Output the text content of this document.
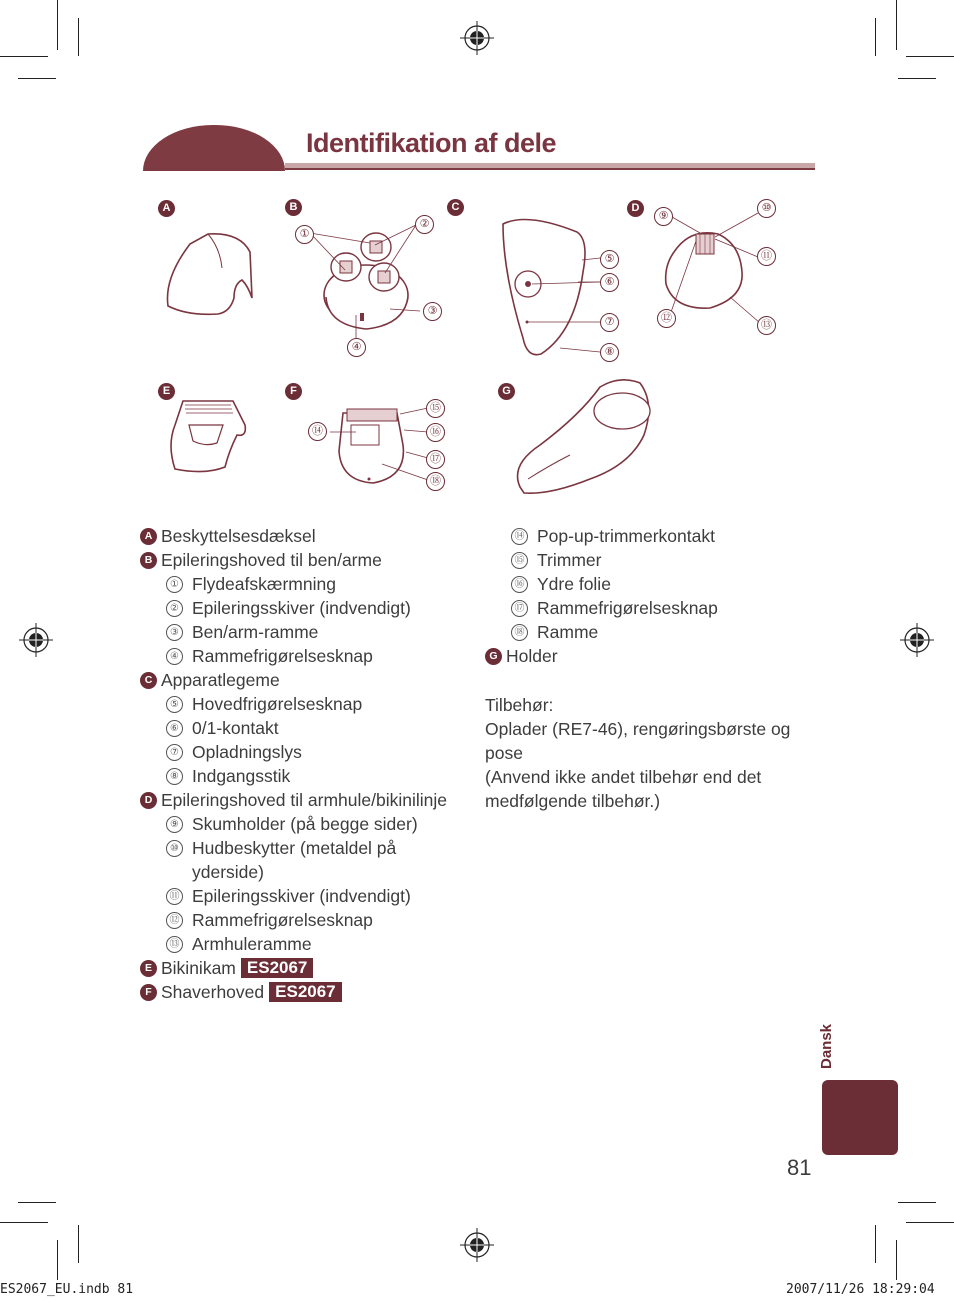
Identifikation af dele
A	B	C	D
E	F	G
①
②
③
④
⑤
⑥
⑦
⑧
⑨
⑩
⑪
⑫
⑬
⑭
⑮
⑯
⑰
⑱
A Beskyttelsesdæksel
B Epileringshoved til ben/arme
① Flydeafskærmning
② Epileringsskiver (indvendigt)
③ Ben/arm-ramme
④ Rammefrigørelsesknap
C Apparatlegeme
⑤ Hovedfrigørelsesknap
⑥ 0/1-kontakt
⑦ Opladningslys
⑧ Indgangsstik
D Epileringshoved til armhule/bikinilinje
⑨ Skumholder (på begge sider)
⑩ Hudbeskytter (metaldel på yderside)
⑪ Epileringsskiver (indvendigt)
⑫ Rammefrigørelsesknap
⑬ Armhuleramme
E Bikinikam ES2067
F Shaverhoved ES2067
⑭ Pop-up-trimmerkontakt
⑮ Trimmer
⑯ Ydre folie
⑰ Rammefrigørelsesknap
⑱ Ramme
G Holder
Tilbehør:
Oplader (RE7-46), rengøringsbørste og pose
(Anvend ikke andet tilbehør end det medfølgende tilbehør.)
Dansk
81
ES2067_EU.indb 81	2007/11/26 18:29:04
